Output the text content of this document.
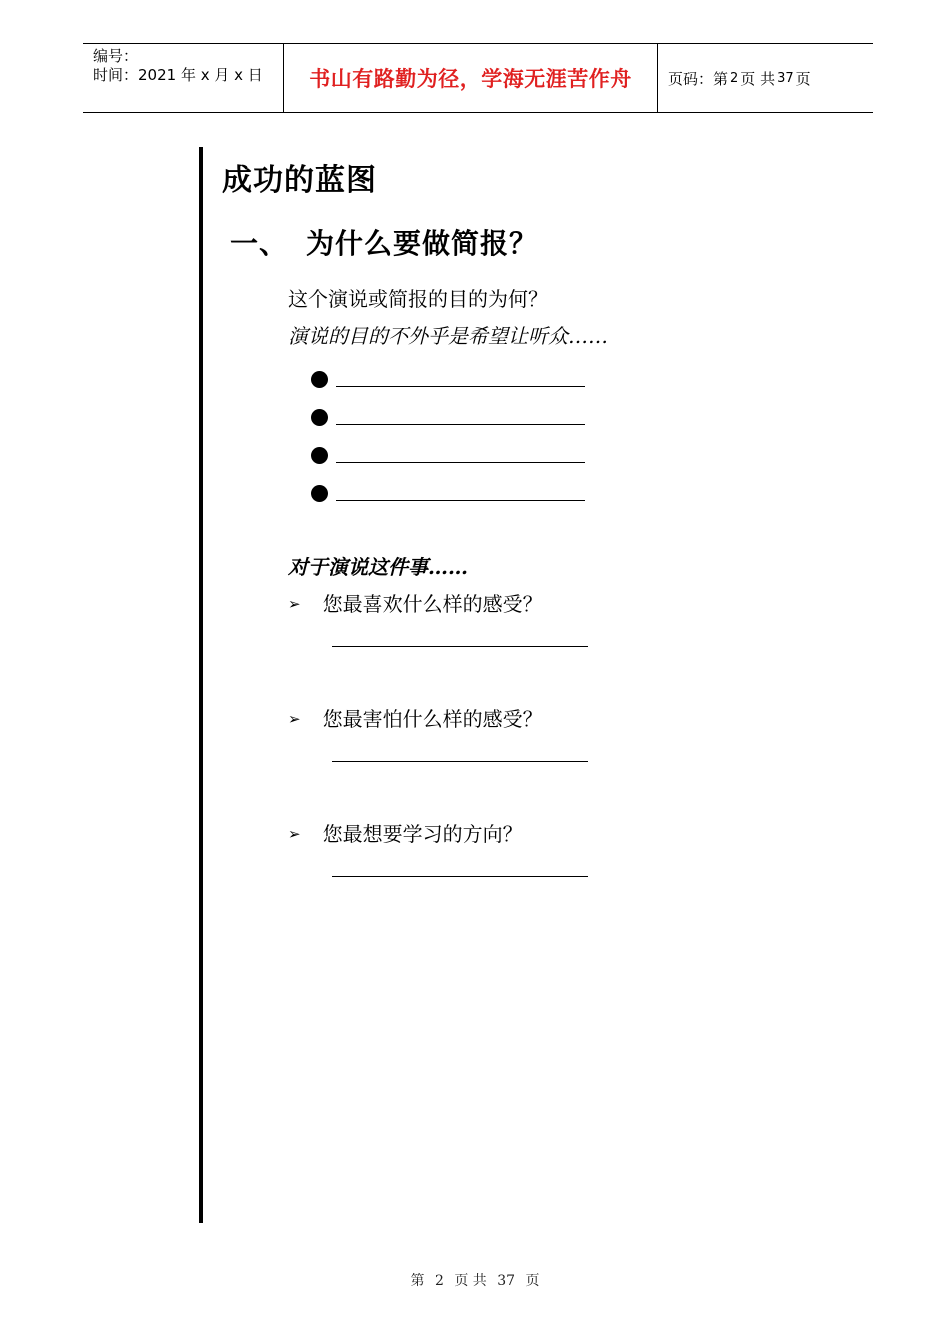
编号：
时间：2021 年 x 月 x 日	书山有路勤为径，学海无涯苦作舟 页码：第 2 页 共 37 页
成功的蓝图
一、 为什么要做简报？
这个演说或简报的目的为何？
演说的目的不外乎是希望让听众……
对于演说这件事……
➢ 您最喜欢什么样的感受？
➢ 您最害怕什么样的感受？
➢ 您最想要学习的方向？
第 2 页 共 37 页
